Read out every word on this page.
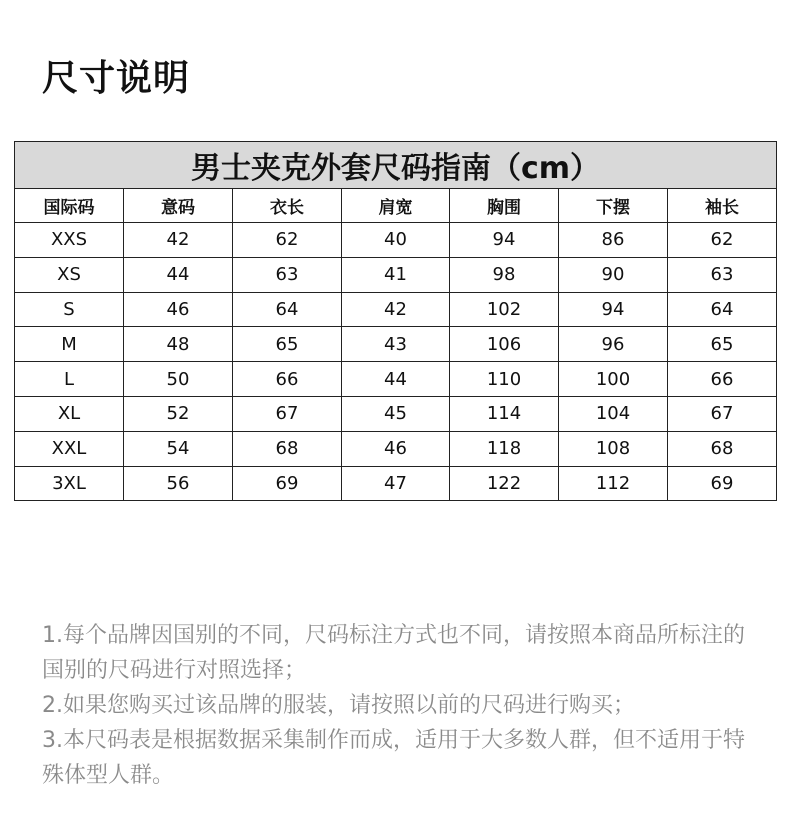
尺寸说明
男士夹克外套尺码指南（cm）						
国际码	意码	衣长	肩宽	胸围	下摆	袖长
XXS	42	62	40	94	86	62
XS	44	63	41	98	90	63
S	46	64	42	102	94	64
M	48	65	43	106	96	65
L	50	66	44	110	100	66
XL	52	67	45	114	104	67
XXL	54	68	46	118	108	68
3XL	56	69	47	122	112	69

1.每个品牌因国别的不同，尺码标注方式也不同，请按照本商品所标注的国别的尺码进行对照选择；

2.如果您购买过该品牌的服装，请按照以前的尺码进行购买；

3.本尺码表是根据数据采集制作而成，适用于大多数人群，但不适用于特殊体型人群。
